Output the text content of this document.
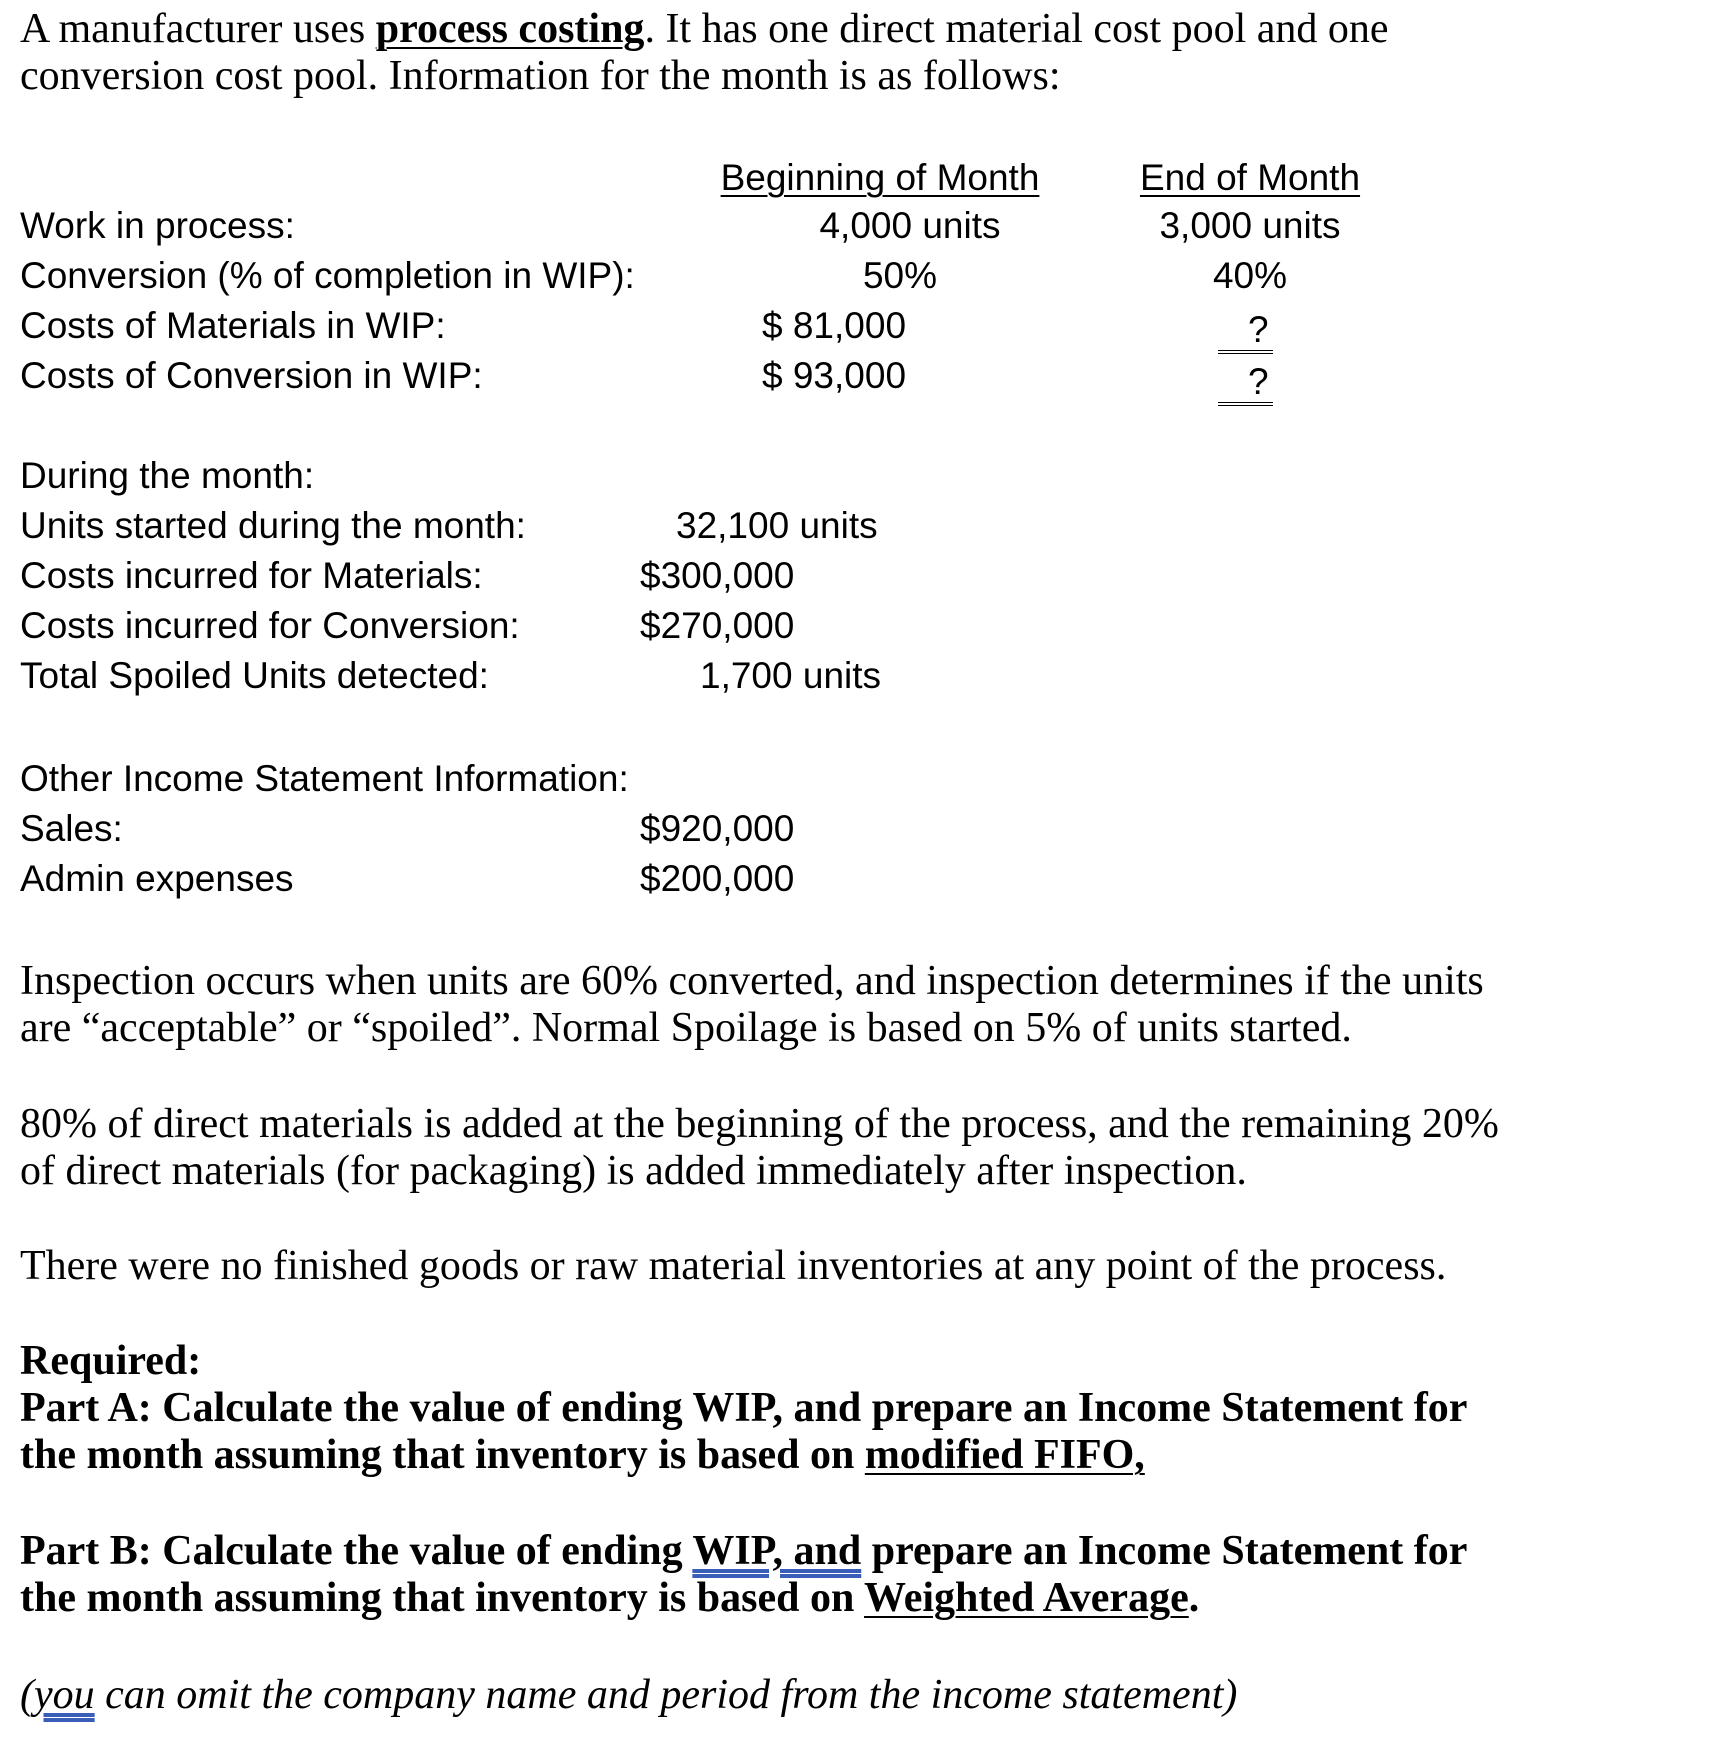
A manufacturer uses process costing. It has one direct material cost pool and one
conversion cost pool. Information for the month is as follows:
Beginning of Month	End of Month
Work in process:	4,000 units	3,000 units
Conversion (% of completion in WIP):	50%	40%
Costs of Materials in WIP:	$ 81,000	?
Costs of Conversion in WIP:	$ 93,000	?
During the month:
Units started during the month:	32,100 units
Costs incurred for Materials:	$300,000
Costs incurred for Conversion:	$270,000
Total Spoiled Units detected:	1,700 units
Other Income Statement Information:
Sales:	$920,000
Admin expenses	$200,000
Inspection occurs when units are 60% converted, and inspection determines if the units
are “acceptable” or “spoiled”. Normal Spoilage is based on 5% of units started.
80% of direct materials is added at the beginning of the process, and the remaining 20%
of direct materials (for packaging) is added immediately after inspection.
There were no finished goods or raw material inventories at any point of the process.
Required:
Part A: Calculate the value of ending WIP, and prepare an Income Statement for
the month assuming that inventory is based on modified FIFO,
Part B: Calculate the value of ending WIP, and prepare an Income Statement for
the month assuming that inventory is based on Weighted Average.
(you can omit the company name and period from the income statement)
